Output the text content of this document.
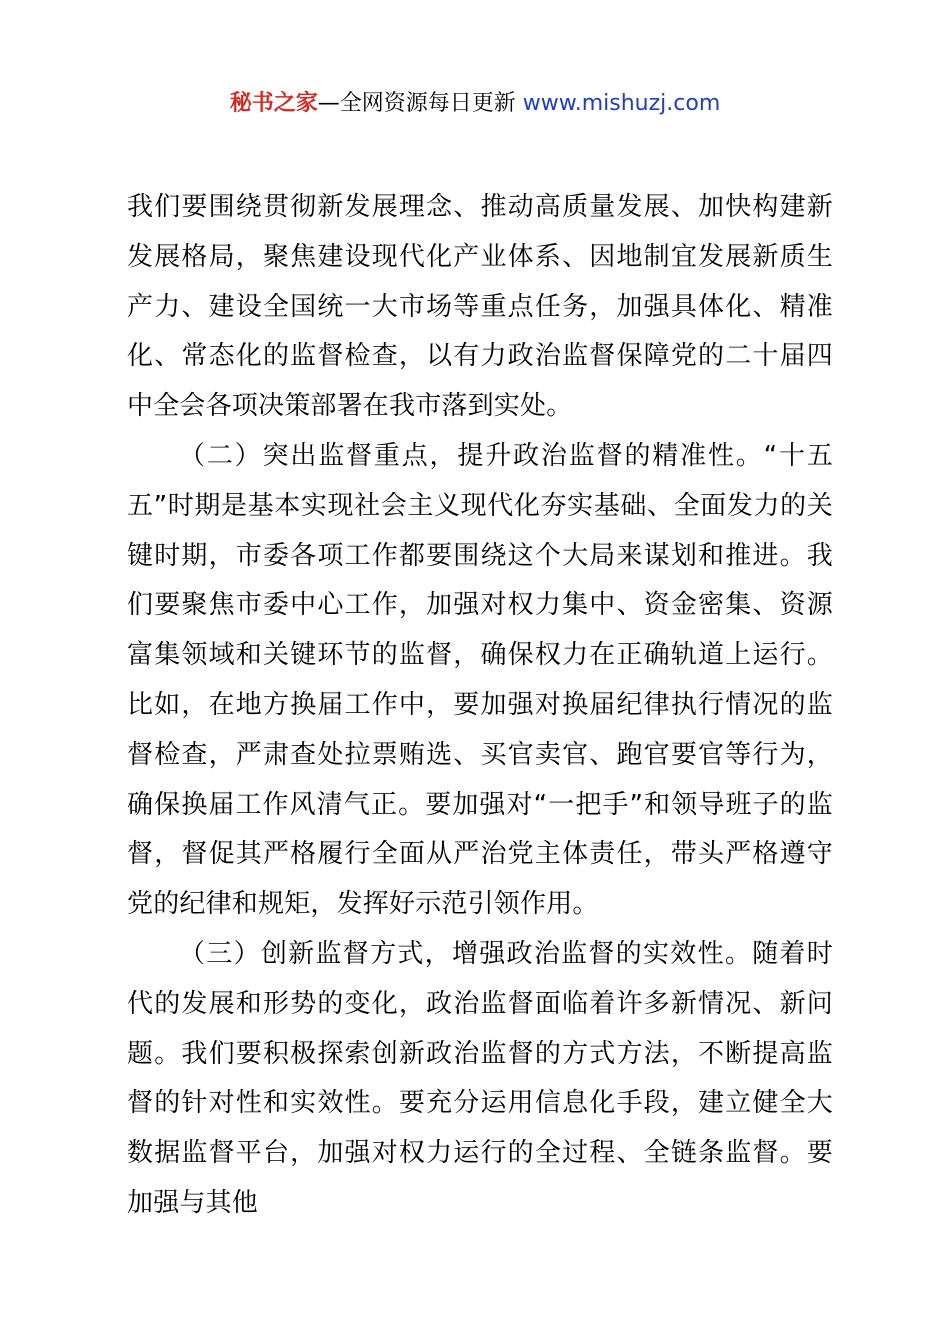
秘书之家—全网资源每日更新 www.mishuzj.com

我们要围绕贯彻新发展理念、推动高质量发展、加快构建新发展格局，聚焦建设现代化产业体系、因地制宜发展新质生产力、建设全国统一大市场等重点任务，加强具体化、精准化、常态化的监督检查，以有力政治监督保障党的二十届四中全会各项决策部署在我市落到实处。

（二）突出监督重点，提升政治监督的精准性。“十五五”时期是基本实现社会主义现代化夯实基础、全面发力的关键时期，市委各项工作都要围绕这个大局来谋划和推进。我们要聚焦市委中心工作，加强对权力集中、资金密集、资源富集领域和关键环节的监督，确保权力在正确轨道上运行。比如，在地方换届工作中，要加强对换届纪律执行情况的监督检查，严肃查处拉票贿选、买官卖官、跑官要官等行为，确保换届工作风清气正。要加强对“一把手”和领导班子的监督，督促其严格履行全面从严治党主体责任，带头严格遵守党的纪律和规矩，发挥好示范引领作用。

（三）创新监督方式，增强政治监督的实效性。随着时代的发展和形势的变化，政治监督面临着许多新情况、新问题。我们要积极探索创新政治监督的方式方法，不断提高监督的针对性和实效性。要充分运用信息化手段，建立健全大数据监督平台，加强对权力运行的全过程、全链条监督。要加强与其他
